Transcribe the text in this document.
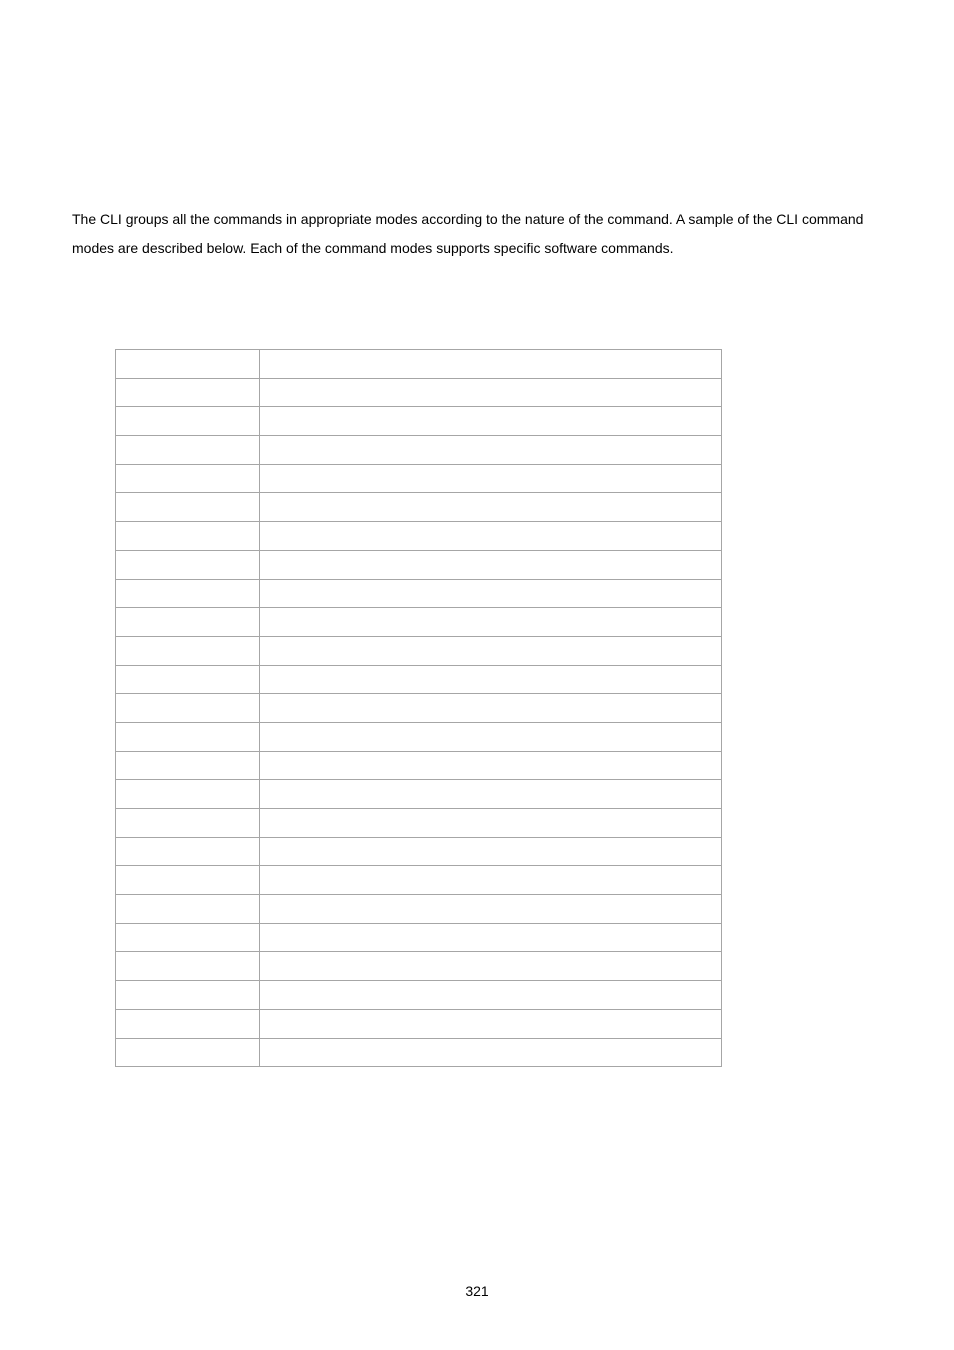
The CLI groups all the commands in appropriate modes according to the nature of the command. A sample of the CLI command modes are described below. Each of the command modes supports specific software commands.

321
